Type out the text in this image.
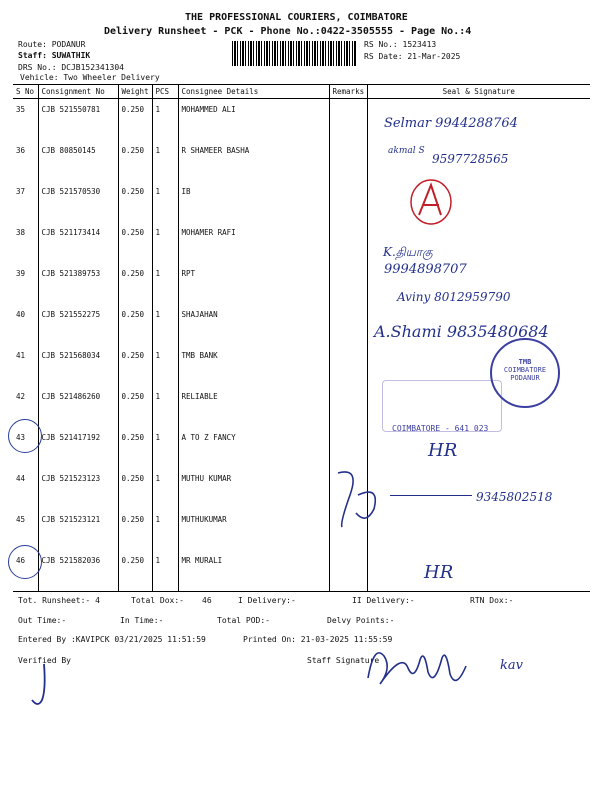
THE PROFESSIONAL COURIERS, COIMBATORE
Delivery Runsheet - PCK - Phone No.:0422-3505555 - Page No.:4
Route: PODANUR
Staff: SUWATHIK
DRS No.: DCJB152341304
Vehicle: Two Wheeler Delivery
RS No.: 1523413
RS Date: 21-Mar-2025
S No	Consignment No	Weight	PCS	Consignee Details	Remarks	Seal & Signature
35	CJB 521550781	0.250	1	MOHAMMED ALI		
36	CJB 80850145	0.250	1	R SHAMEER BASHA		
37	CJB 521570530	0.250	1	IB		
38	CJB 521173414	0.250	1	MOHAMER RAFI		
39	CJB 521389753	0.250	1	RPT		
40	CJB 521552275	0.250	1	SHAJAHAN		
41	CJB 521568034	0.250	1	TMB BANK		
42	CJB 521486260	0.250	1	RELIABLE		
43	CJB 521417192	0.250	1	A TO Z FANCY		
44	CJB 521523123	0.250	1	MUTHU KUMAR		
45	CJB 521523121	0.250	1	MUTHUKUMAR		
46	CJB 521582036	0.250	1	MR MURALI		
Selmar 9944288764
akmal S
9597728565
K.தியாகு
9994898707
Aviny 8012959790
A.Shami 9835480684
TMB
COIMBATORE
PODANUR
COIMBATORE - 641 023
HR
9345802518
HR
Tot. Runsheet:- 4	Total Dox:- 46	I Delivery:-	II Delivery:-	RTN Dox:-
Out Time:-	In Time:-	Total POD:-	Delvy Points:-
Entered By :KAVIPCK 03/21/2025 11:51:59	Printed On: 21-03-2025 11:55:59
Verified By	Staff Signature	kav
